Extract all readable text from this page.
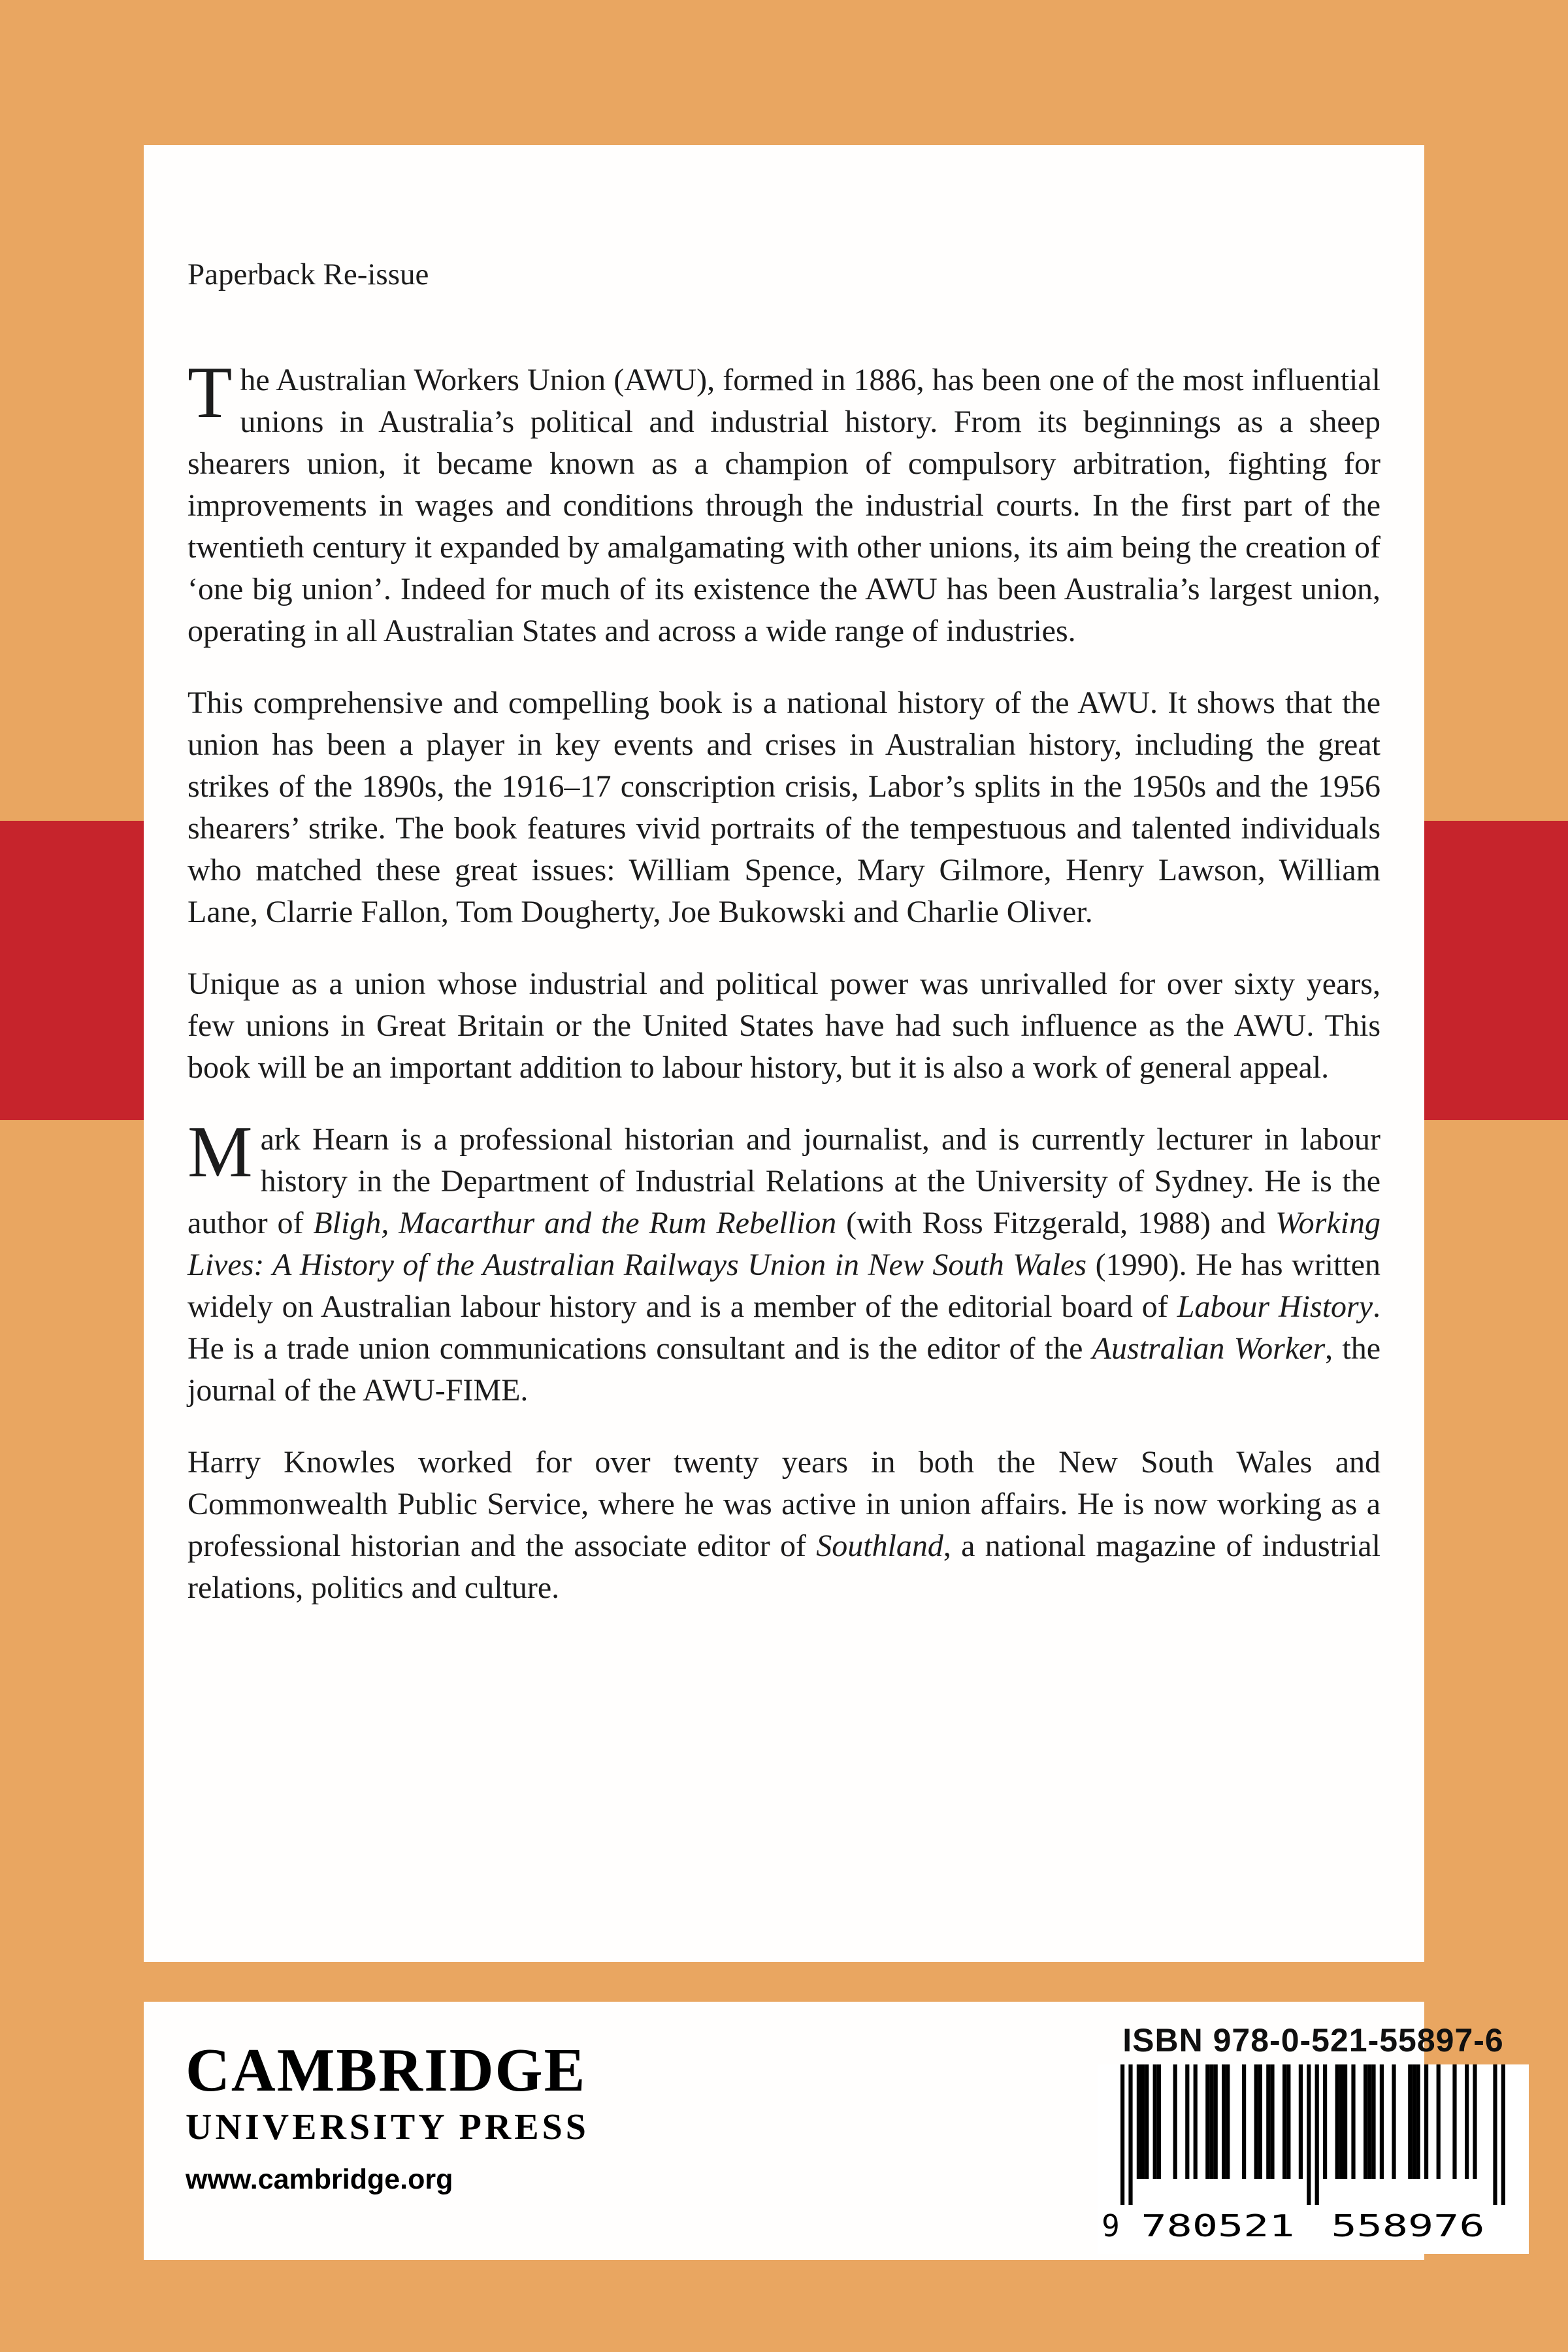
Paperback Re-issue

The Australian Workers Union (AWU), formed in 1886, has been one of the most influential unions in Australia’s political and industrial history. From its beginnings as a sheep shearers union, it became known as a champion of compulsory arbitration, fighting for improvements in wages and conditions through the industrial courts. In the first part of the twentieth century it expanded by amalgamating with other unions, its aim being the creation of ‘one big union’. Indeed for much of its existence the AWU has been Australia’s largest union, operating in all Australian States and across a wide range of industries.

This comprehensive and compelling book is a national history of the AWU. It shows that the union has been a player in key events and crises in Australian history, including the great strikes of the 1890s, the 1916–17 conscription crisis, Labor’s splits in the 1950s and the 1956 shearers’ strike. The book features vivid portraits of the tempestuous and talented individuals who matched these great issues: William Spence, Mary Gilmore, Henry Lawson, William Lane, Clarrie Fallon, Tom Dougherty, Joe Bukowski and Charlie Oliver.

Unique as a union whose industrial and political power was unrivalled for over sixty years, few unions in Great Britain or the United States have had such influence as the AWU. This book will be an important addition to labour history, but it is also a work of general appeal.

Mark Hearn is a professional historian and journalist, and is currently lecturer in labour history in the Department of Industrial Relations at the University of Sydney. He is the author of Bligh, Macarthur and the Rum Rebellion (with Ross Fitzgerald, 1988) and Working Lives: A History of the Australian Railways Union in New South Wales (1990). He has written widely on Australian labour history and is a member of the editorial board of Labour History. He is a trade union communications consultant and is the editor of the Australian Worker, the journal of the AWU-FIME.

Harry Knowles worked for over twenty years in both the New South Wales and Commonwealth Public Service, where he was active in union affairs. He is now working as a professional historian and the associate editor of Southland, a national magazine of industrial relations, politics and culture.

CAMBRIDGE
UNIVERSITY PRESS
www.cambridge.org
ISBN 978-0-521-55897-6
9 780521 558976
